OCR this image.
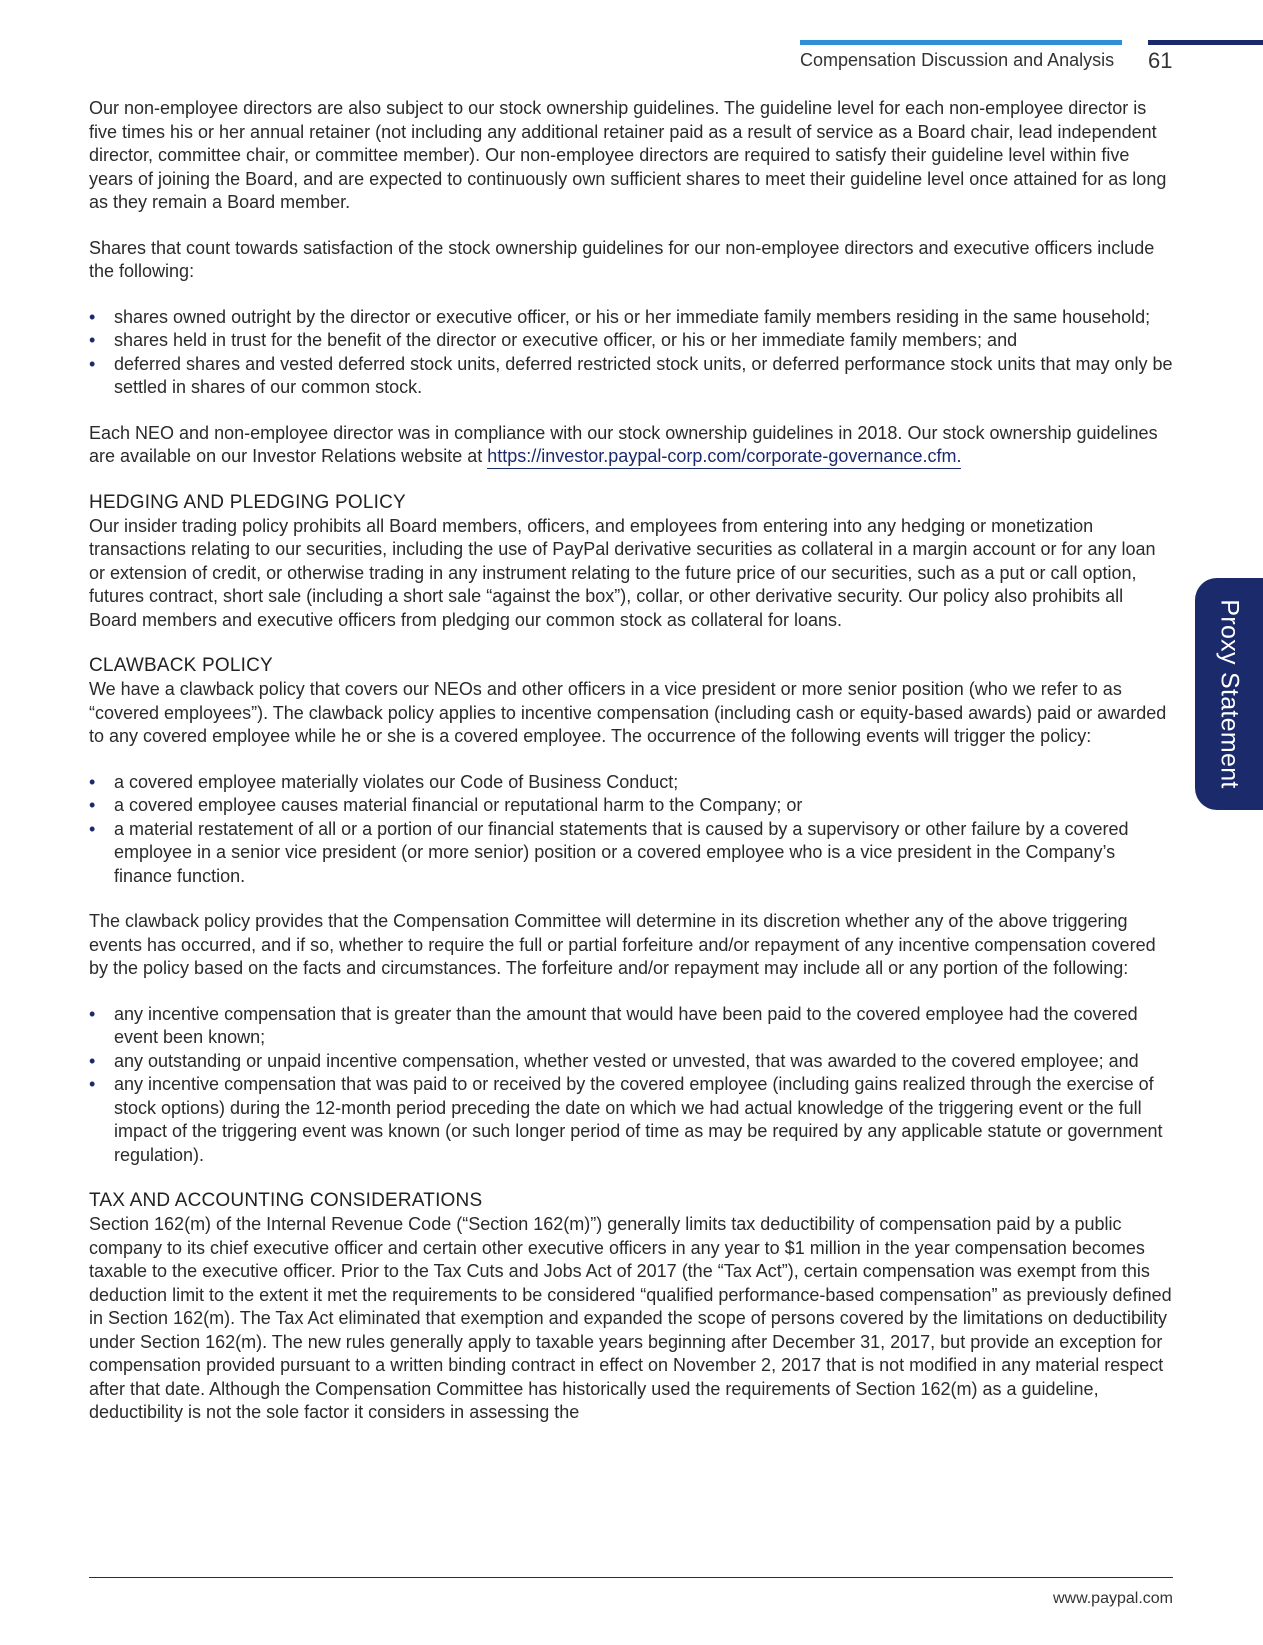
Compensation Discussion and Analysis 61
Proxy Statement

Our non-employee directors are also subject to our stock ownership guidelines. The guideline level for each non-employee director is five times his or her annual retainer (not including any additional retainer paid as a result of service as a Board chair, lead independent director, committee chair, or committee member). Our non-employee directors are required to satisfy their guideline level within five years of joining the Board, and are expected to continuously own sufficient shares to meet their guideline level once attained for as long as they remain a Board member.

Shares that count towards satisfaction of the stock ownership guidelines for our non-employee directors and executive officers include the following:

• shares owned outright by the director or executive officer, or his or her immediate family members residing in the same household;
• shares held in trust for the benefit of the director or executive officer, or his or her immediate family members; and
• deferred shares and vested deferred stock units, deferred restricted stock units, or deferred performance stock units that may only be settled in shares of our common stock.

Each NEO and non-employee director was in compliance with our stock ownership guidelines in 2018. Our stock ownership guidelines are available on our Investor Relations website at https://investor.paypal-corp.com/corporate-governance.cfm.

HEDGING AND PLEDGING POLICY

Our insider trading policy prohibits all Board members, officers, and employees from entering into any hedging or monetization transactions relating to our securities, including the use of PayPal derivative securities as collateral in a margin account or for any loan or extension of credit, or otherwise trading in any instrument relating to the future price of our securities, such as a put or call option, futures contract, short sale (including a short sale “against the box”), collar, or other derivative security. Our policy also prohibits all Board members and executive officers from pledging our common stock as collateral for loans.

CLAWBACK POLICY

We have a clawback policy that covers our NEOs and other officers in a vice president or more senior position (who we refer to as “covered employees”). The clawback policy applies to incentive compensation (including cash or equity-based awards) paid or awarded to any covered employee while he or she is a covered employee. The occurrence of the following events will trigger the policy:

• a covered employee materially violates our Code of Business Conduct;
• a covered employee causes material financial or reputational harm to the Company; or
• a material restatement of all or a portion of our financial statements that is caused by a supervisory or other failure by a covered employee in a senior vice president (or more senior) position or a covered employee who is a vice president in the Company’s finance function.

The clawback policy provides that the Compensation Committee will determine in its discretion whether any of the above triggering events has occurred, and if so, whether to require the full or partial forfeiture and/or repayment of any incentive compensation covered by the policy based on the facts and circumstances. The forfeiture and/or repayment may include all or any portion of the following:

• any incentive compensation that is greater than the amount that would have been paid to the covered employee had the covered event been known;
• any outstanding or unpaid incentive compensation, whether vested or unvested, that was awarded to the covered employee; and
• any incentive compensation that was paid to or received by the covered employee (including gains realized through the exercise of stock options) during the 12-month period preceding the date on which we had actual knowledge of the triggering event or the full impact of the triggering event was known (or such longer period of time as may be required by any applicable statute or government regulation).
TAX AND ACCOUNTING CONSIDERATIONS

Section 162(m) of the Internal Revenue Code (“Section 162(m)”) generally limits tax deductibility of compensation paid by a public company to its chief executive officer and certain other executive officers in any year to $1 million in the year compensation becomes taxable to the executive officer. Prior to the Tax Cuts and Jobs Act of 2017 (the “Tax Act”), certain compensation was exempt from this deduction limit to the extent it met the requirements to be considered “qualified performance-based compensation” as previously defined in Section 162(m). The Tax Act eliminated that exemption and expanded the scope of persons covered by the limitations on deductibility under Section 162(m). The new rules generally apply to taxable years beginning after December 31, 2017, but provide an exception for compensation provided pursuant to a written binding contract in effect on November 2, 2017 that is not modified in any material respect after that date. Although the Compensation Committee has historically used the requirements of Section 162(m) as a guideline, deductibility is not the sole factor it considers in assessing the

www.paypal.com
